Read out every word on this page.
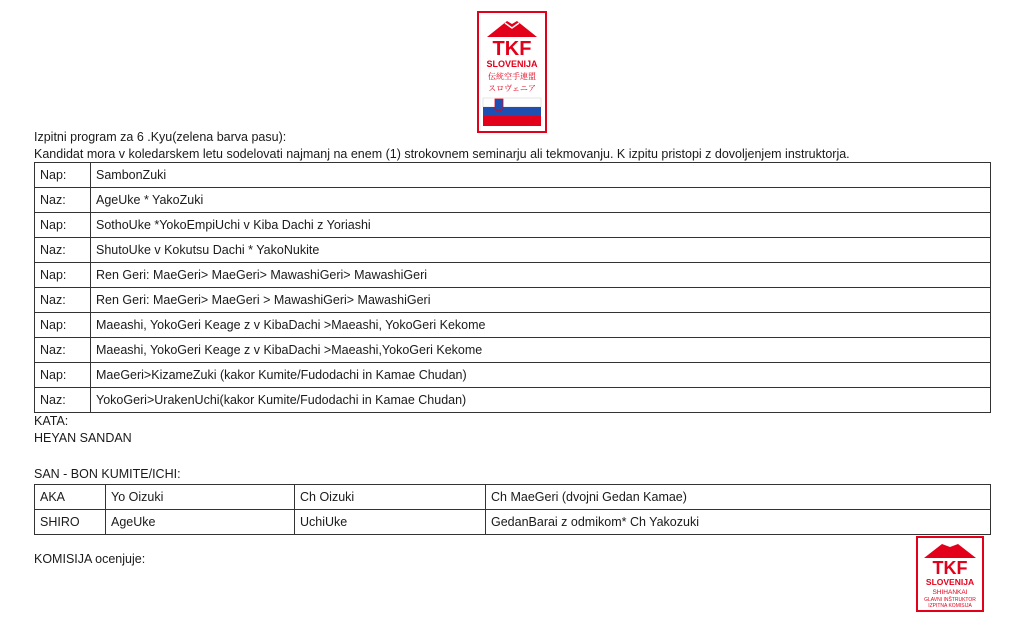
TKF
SLOVENIJA
伝統空手連盟
スロヴェニア
Izpitni program za 6 .Kyu(zelena barva pasu):
Kandidat mora v koledarskem letu sodelovati najmanj na enem (1) strokovnem seminarju ali tekmovanju. K izpitu pristopi z dovoljenjem instruktorja.
Nap:	SambonZuki
Naz:	AgeUke * YakoZuki
Nap:	SothoUke *YokoEmpiUchi v Kiba Dachi z Yoriashi
Naz:	ShutoUke v Kokutsu Dachi * YakoNukite
Nap:	Ren Geri: MaeGeri> MaeGeri> MawashiGeri> MawashiGeri
Naz:	Ren Geri: MaeGeri> MaeGeri > MawashiGeri> MawashiGeri
Nap:	Maeashi, YokoGeri Keage z v KibaDachi >Maeashi, YokoGeri Kekome
Naz:	Maeashi, YokoGeri Keage z v KibaDachi >Maeashi,YokoGeri Kekome
Nap:	MaeGeri>KizameZuki (kakor Kumite/Fudodachi in Kamae Chudan)
Naz:	YokoGeri>UrakenUchi(kakor Kumite/Fudodachi in Kamae Chudan)
KATA:
HEYAN SANDAN
SAN - BON KUMITE/ICHI:
AKA	Yo Oizuki	Ch Oizuki	Ch MaeGeri (dvojni Gedan Kamae)
SHIRO	AgeUke	UchiUke	GedanBarai z odmikom* Ch Yakozuki
KOMISIJA ocenjuje:	TKF
SLOVENIJA
SHIHANKAI
GLAVNI INŠTRUKTOR
IZPITNA KOMISIJA
